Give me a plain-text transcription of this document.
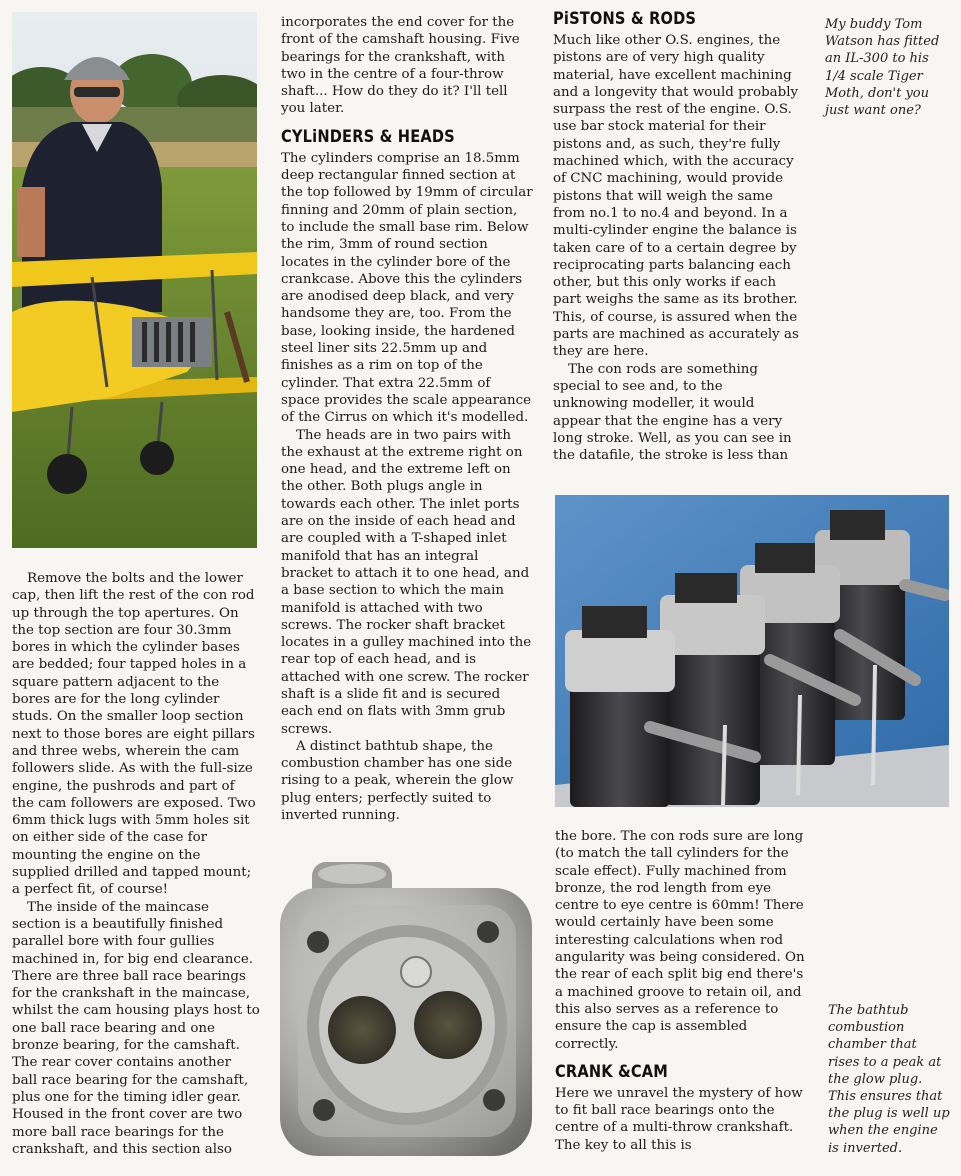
Remove the bolts and the lower cap, then lift the rest of the con rod up through the top apertures. On the top section are four 30.3mm bores in which the cylinder bases are bedded; four tapped holes in a square pattern adjacent to the bores are for the long cylinder studs. On the smaller loop section next to those bores are eight pillars and three webs, wherein the cam followers slide. As with the full-size engine, the pushrods and part of the cam followers are exposed. Two 6mm thick lugs with 5mm holes sit on either side of the case for mounting the engine on the supplied drilled and tapped mount; a perfect fit, of course!

The inside of the maincase section is a beautifully finished parallel bore with four gullies machined in, for big end clearance. There are three ball race bearings for the crankshaft in the maincase, whilst the cam housing plays host to one ball race bearing and one bronze bearing, for the camshaft. The rear cover contains another ball race bearing for the camshaft, plus one for the timing idler gear. Housed in the front cover are two more ball race bearings for the crankshaft, and this section also

incorporates the end cover for the front of the camshaft housing. Five bearings for the crankshaft, with two in the centre of a four-throw shaft... How do they do it? I'll tell you later.

CYLiNDERS & HEADS

The cylinders comprise an 18.5mm deep rectangular finned section at the top followed by 19mm of circular finning and 20mm of plain section, to include the small base rim. Below the rim, 3mm of round section locates in the cylinder bore of the crankcase. Above this the cylinders are anodised deep black, and very handsome they are, too. From the base, looking inside, the hardened steel liner sits 22.5mm up and finishes as a rim on top of the cylinder. That extra 22.5mm of space provides the scale appearance of the Cirrus on which it's modelled.

The heads are in two pairs with the exhaust at the extreme right on one head, and the extreme left on the other. Both plugs angle in towards each other. The inlet ports are on the inside of each head and are coupled with a T-shaped inlet manifold that has an integral bracket to attach it to one head, and a base section to which the main manifold is attached with two screws. The rocker shaft bracket locates in a gulley machined into the rear top of each head, and is attached with one screw. The rocker shaft is a slide fit and is secured each end on flats with 3mm grub screws.

A distinct bathtub shape, the combustion chamber has one side rising to a peak, wherein the glow plug enters; perfectly suited to inverted running.

PiSTONS & RODS

Much like other O.S. engines, the pistons are of very high quality material, have excellent machining and a longevity that would probably surpass the rest of the engine. O.S. use bar stock material for their pistons and, as such, they're fully machined which, with the accuracy of CNC machining, would provide pistons that will weigh the same from no.1 to no.4 and beyond. In a multi-cylinder engine the balance is taken care of to a certain degree by reciprocating parts balancing each other, but this only works if each part weighs the same as its brother. This, of course, is assured when the parts are machined as accurately as they are here.

The con rods are something special to see and, to the unknowing modeller, it would appear that the engine has a very long stroke. Well, as you can see in the datafile, the stroke is less than

My buddy Tom Watson has fitted an IL-300 to his 1/4 scale Tiger Moth, don't you just want one?

the bore. The con rods sure are long (to match the tall cylinders for the scale effect). Fully machined from bronze, the rod length from eye centre to eye centre is 60mm! There would certainly have been some interesting calculations when rod angularity was being considered. On the rear of each split big end there's a machined groove to retain oil, and this also serves as a reference to ensure the cap is assembled correctly.

CRANK &CAM

Here we unravel the mystery of how to fit ball race bearings onto the centre of a multi-throw crankshaft. The key to all this is

The bathtub combustion chamber that rises to a peak at the glow plug. This ensures that the plug is well up when the engine is inverted.
